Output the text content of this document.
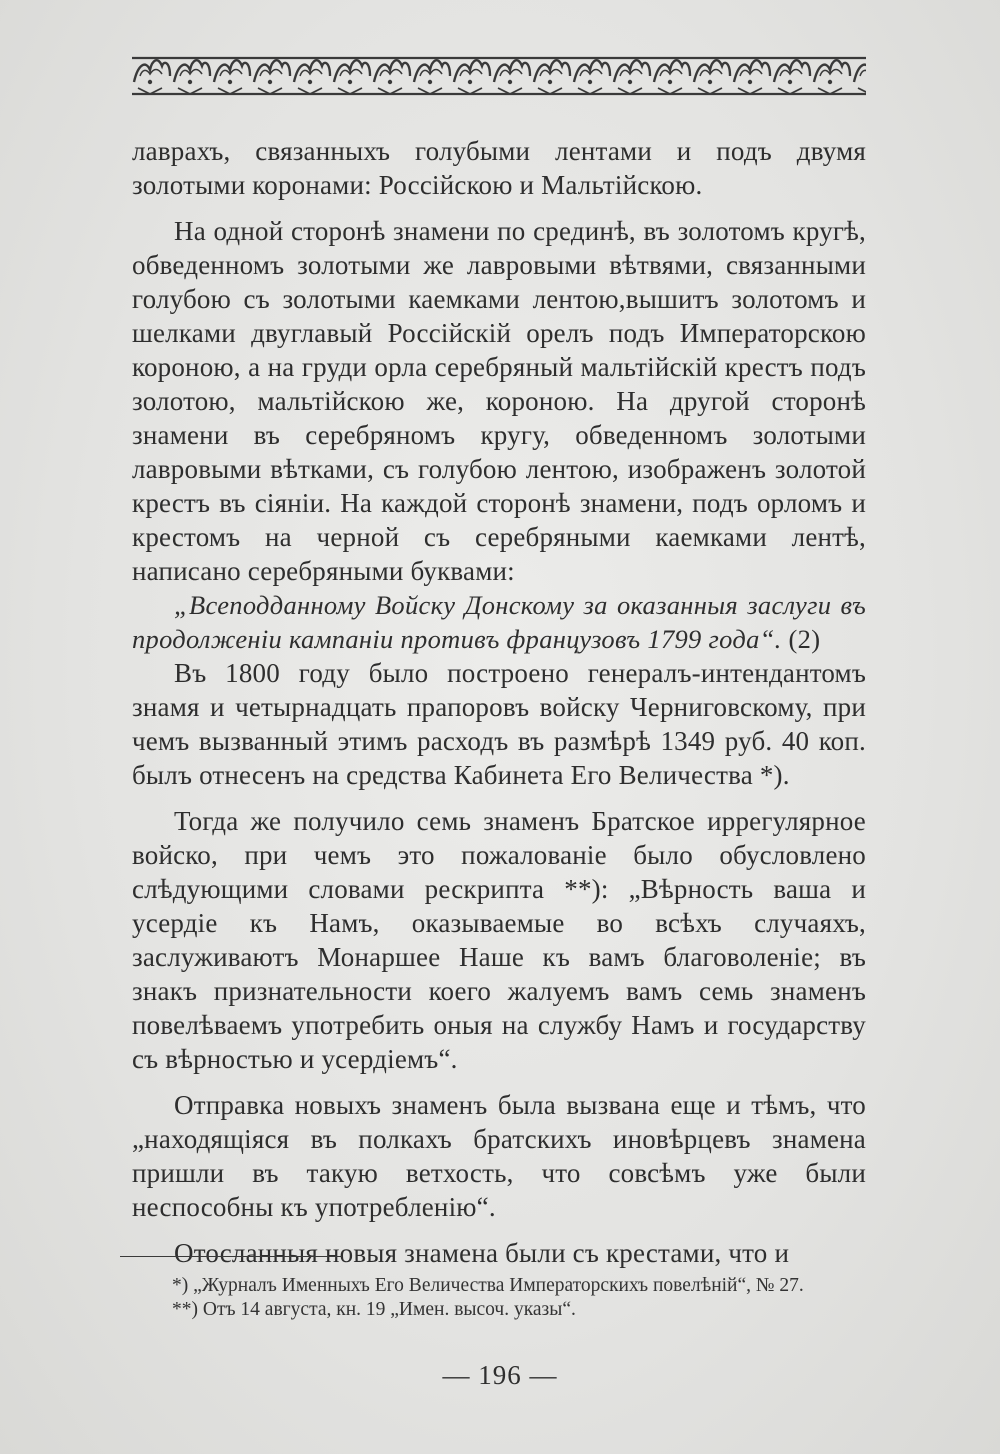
лаврахъ, связанныхъ голубыми лентами и подъ двумя золотыми коронами: Россійскою и Мальтійскою.

На одной сторонѣ знамени по срединѣ, въ золотомъ кругѣ, обведенномъ золотыми же лавровыми вѣтвями, связанными голубою съ золотыми каемками лентою,вышитъ золотомъ и шелками двуглавый Россійскій орелъ подъ Императорскою короною, а на груди орла серебряный мальтійскій крестъ подъ золотою, мальтійскою же, короною. На другой сторонѣ знамени въ серебряномъ кругу, обведенномъ золотыми лавровыми вѣтками, съ голубою лентою, изображенъ золотой крестъ въ сіяніи. На каждой сторонѣ знамени, подъ орломъ и крестомъ на черной съ серебряными каемками лентѣ, написано серебряными буквами:

„Всеподданному Войску Донскому за оказанныя заслуги въ продолженіи кампаніи противъ французовъ 1799 года“. (2)

Въ 1800 году было построено генералъ-интендантомъ знамя и четырнадцать прапоровъ войску Черниговскому, при чемъ вызванный этимъ расходъ въ размѣрѣ 1349 руб. 40 коп. былъ отнесенъ на средства Кабинета Его Величества *).

Тогда же получило семь знаменъ Братское иррегулярное войско, при чемъ это пожалованіе было обусловлено слѣдующими словами рескрипта **): „Вѣрность ваша и усердіе къ Намъ, оказываемые во всѣхъ случаяхъ, заслуживаютъ Монаршее Наше къ вамъ благоволеніе; въ знакъ признательности коего жалуемъ вамъ семь знаменъ повелѣваемъ употребить оныя на службу Намъ и государству съ вѣрностью и усердіемъ“.

Отправка новыхъ знаменъ была вызвана еще и тѣмъ, что „находящіяся въ полкахъ братскихъ иновѣрцевъ знамена пришли въ такую ветхость, что совсѣмъ уже были неспособны къ употребленію“.

Отосланныя новыя знамена были съ крестами, что и

*) „Журналъ Именныхъ Его Величества Императорскихъ повелѣній“, № 27.
**) Отъ 14 августа, кн. 19 „Имен. высоч. указы“.
— 196 —
